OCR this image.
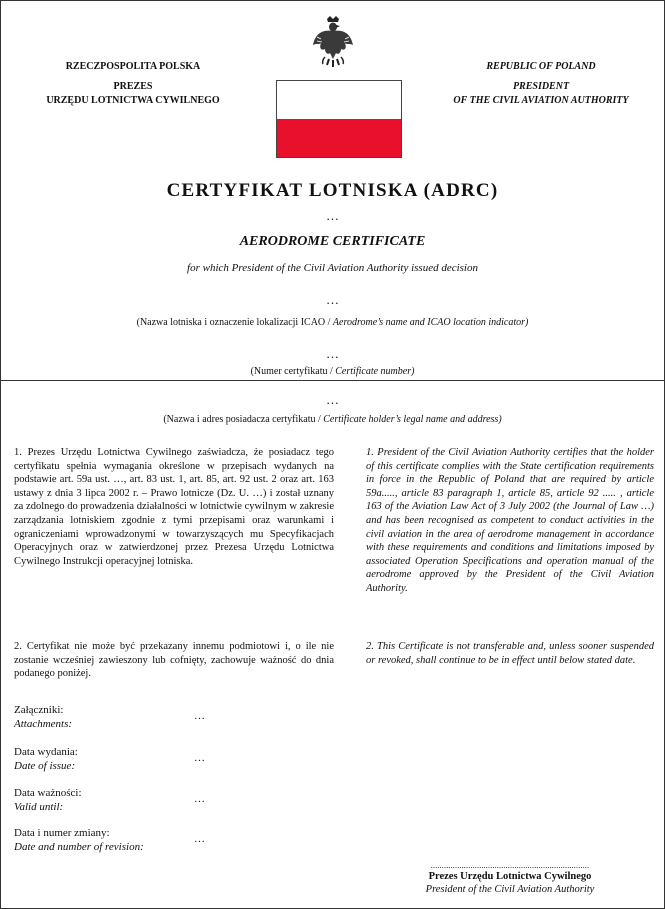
RZECZPOSPOLITA POLSKA
PREZES
URZĘDU LOTNICTWA CYWILNEGO
REPUBLIC OF POLAND
PRESIDENT
OF THE CIVIL AVIATION AUTHORITY
CERTYFIKAT LOTNISKA (ADRC)
…
AERODROME CERTIFICATE
for which President of the Civil Aviation Authority issued decision
…
(Nazwa lotniska i oznaczenie lokalizacji ICAO / Aerodrome’s name and ICAO location indicator)
…
(Numer certyfikatu / Certificate number)
…
(Nazwa i adres posiadacza certyfikatu / Certificate holder’s legal name and address)
1. Prezes Urzędu Lotnictwa Cywilnego zaświadcza, że posiadacz tego certyfikatu spełnia wymagania określone w przepisach wydanych na podstawie art. 59a ust. …, art. 83 ust. 1, art. 85, art. 92 ust. 2 oraz art. 163 ustawy z dnia 3 lipca 2002 r. – Prawo lotnicze (Dz. U. …) i został uznany za zdolnego do prowadzenia działalności w lotnictwie cywilnym w zakresie zarządzania lotniskiem zgodnie z tymi przepisami oraz warunkami i ograniczeniami wprowadzonymi w towarzyszących mu Specyfikacjach Operacyjnych oraz w zatwierdzonej przez Prezesa Urzędu Lotnictwa Cywilnego Instrukcji operacyjnej lotniska.
1. President of the Civil Aviation Authority certifies that the holder of this certificate complies with the State certification requirements in force in the Republic of Poland that are required by article 59a....., article 83 paragraph 1, article 85, article 92 ..... , article 163 of the Aviation Law Act of 3 July 2002 (the Journal of Law …) and has been recognised as competent to conduct activities in the civil aviation in the area of aerodrome management in accordance with these requirements and conditions and limitations imposed by associated Operation Specifications and operation manual of the aerodrome approved by the President of the Civil Aviation Authority.
2. Certyfikat nie może być przekazany innemu podmiotowi i, o ile nie zostanie wcześniej zawieszony lub cofnięty, zachowuje ważność do dnia podanego poniżej.
2. This Certificate is not transferable and, unless sooner suspended or revoked, shall continue to be in effect until below stated date.
Załączniki:
Attachments:
…
Data wydania:
Date of issue:
…
Data ważności:
Valid until:
…
Data i numer zmiany:
Date and number of revision:
…
........................................................................
Prezes Urzędu Lotnictwa Cywilnego
President of the Civil Aviation Authority
